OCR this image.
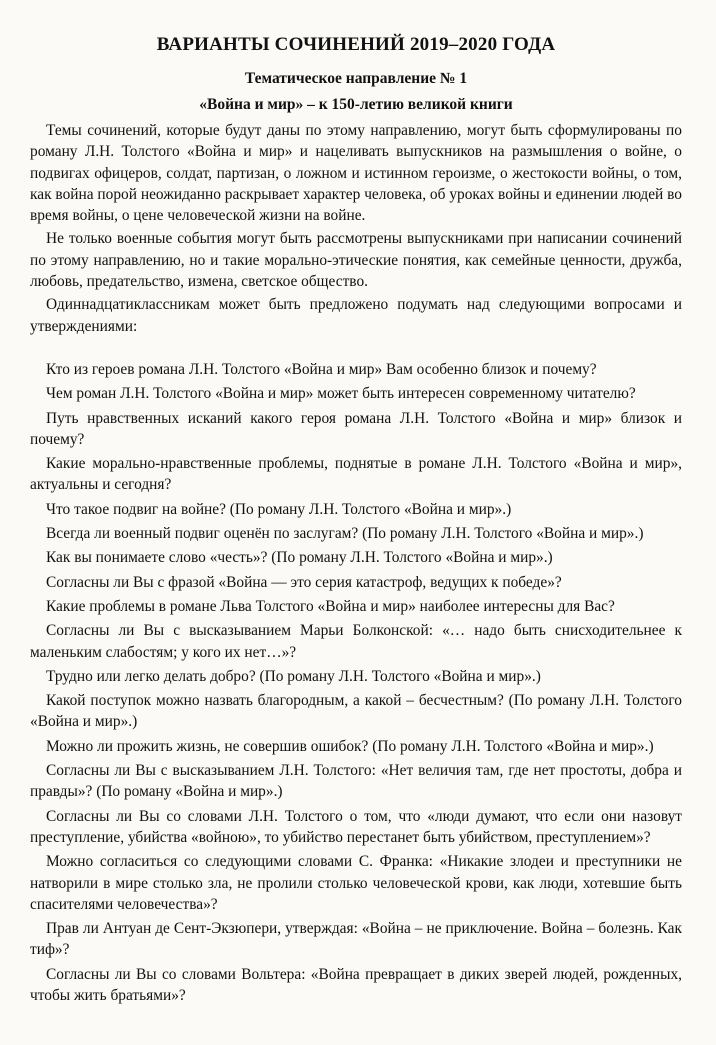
ВАРИАНТЫ СОЧИНЕНИЙ 2019–2020 ГОДА
Тематическое направление № 1
«Война и мир» – к 150-летию великой книги

Темы сочинений, которые будут даны по этому направлению, могут быть сформулированы по роману Л.Н. Толстого «Война и мир» и нацеливать выпускников на размышления о войне, о подвигах офицеров, солдат, партизан, о ложном и истинном героизме, о жестокости войны, о том, как война порой неожиданно раскрывает характер человека, об уроках войны и единении людей во время войны, о цене человеческой жизни на войне.

Не только военные события могут быть рассмотрены выпускниками при написании сочинений по этому направлению, но и такие морально-этические понятия, как семейные ценности, дружба, любовь, предательство, измена, светское общество.

Одиннадцатиклассникам может быть предложено подумать над следующими вопросами и утверждениями:

Кто из героев романа Л.Н. Толстого «Война и мир» Вам особенно близок и почему?

Чем роман Л.Н. Толстого «Война и мир» может быть интересен современному читателю?

Путь нравственных исканий какого героя романа Л.Н. Толстого «Война и мир» близок и почему?

Какие морально-нравственные проблемы, поднятые в романе Л.Н. Толстого «Война и мир», актуальны и сегодня?

Что такое подвиг на войне? (По роману Л.Н. Толстого «Война и мир».)

Всегда ли военный подвиг оценён по заслугам? (По роману Л.Н. Толстого «Война и мир».)

Как вы понимаете слово «честь»? (По роману Л.Н. Толстого «Война и мир».)

Согласны ли Вы с фразой «Война — это серия катастроф, ведущих к победе»?

Какие проблемы в романе Льва Толстого «Война и мир» наиболее интересны для Вас?

Согласны ли Вы с высказыванием Марьи Болконской: «… надо быть снисходительнее к маленьким слабостям; у кого их нет…»?

Трудно или легко делать добро? (По роману Л.Н. Толстого «Война и мир».)

Какой поступок можно назвать благородным, а какой – бесчестным? (По роману Л.Н. Толстого «Война и мир».)

Можно ли прожить жизнь, не совершив ошибок? (По роману Л.Н. Толстого «Война и мир».)

Согласны ли Вы с высказыванием Л.Н. Толстого: «Нет величия там, где нет простоты, добра и правды»? (По роману «Война и мир».)

Согласны ли Вы со словами Л.Н. Толстого о том, что «люди думают, что если они назовут преступление, убийства «войною», то убийство перестанет быть убийством, преступлением»?

Можно согласиться со следующими словами С. Франка: «Никакие злодеи и преступники не натворили в мире столько зла, не пролили столько человеческой крови, как люди, хотевшие быть спасителями человечества»?

Прав ли Антуан де Сент-Экзюпери, утверждая: «Война – не приключение. Война – болезнь. Как тиф»?

Согласны ли Вы со словами Вольтера: «Война превращает в диких зверей людей, рожденных, чтобы жить братьями»?
